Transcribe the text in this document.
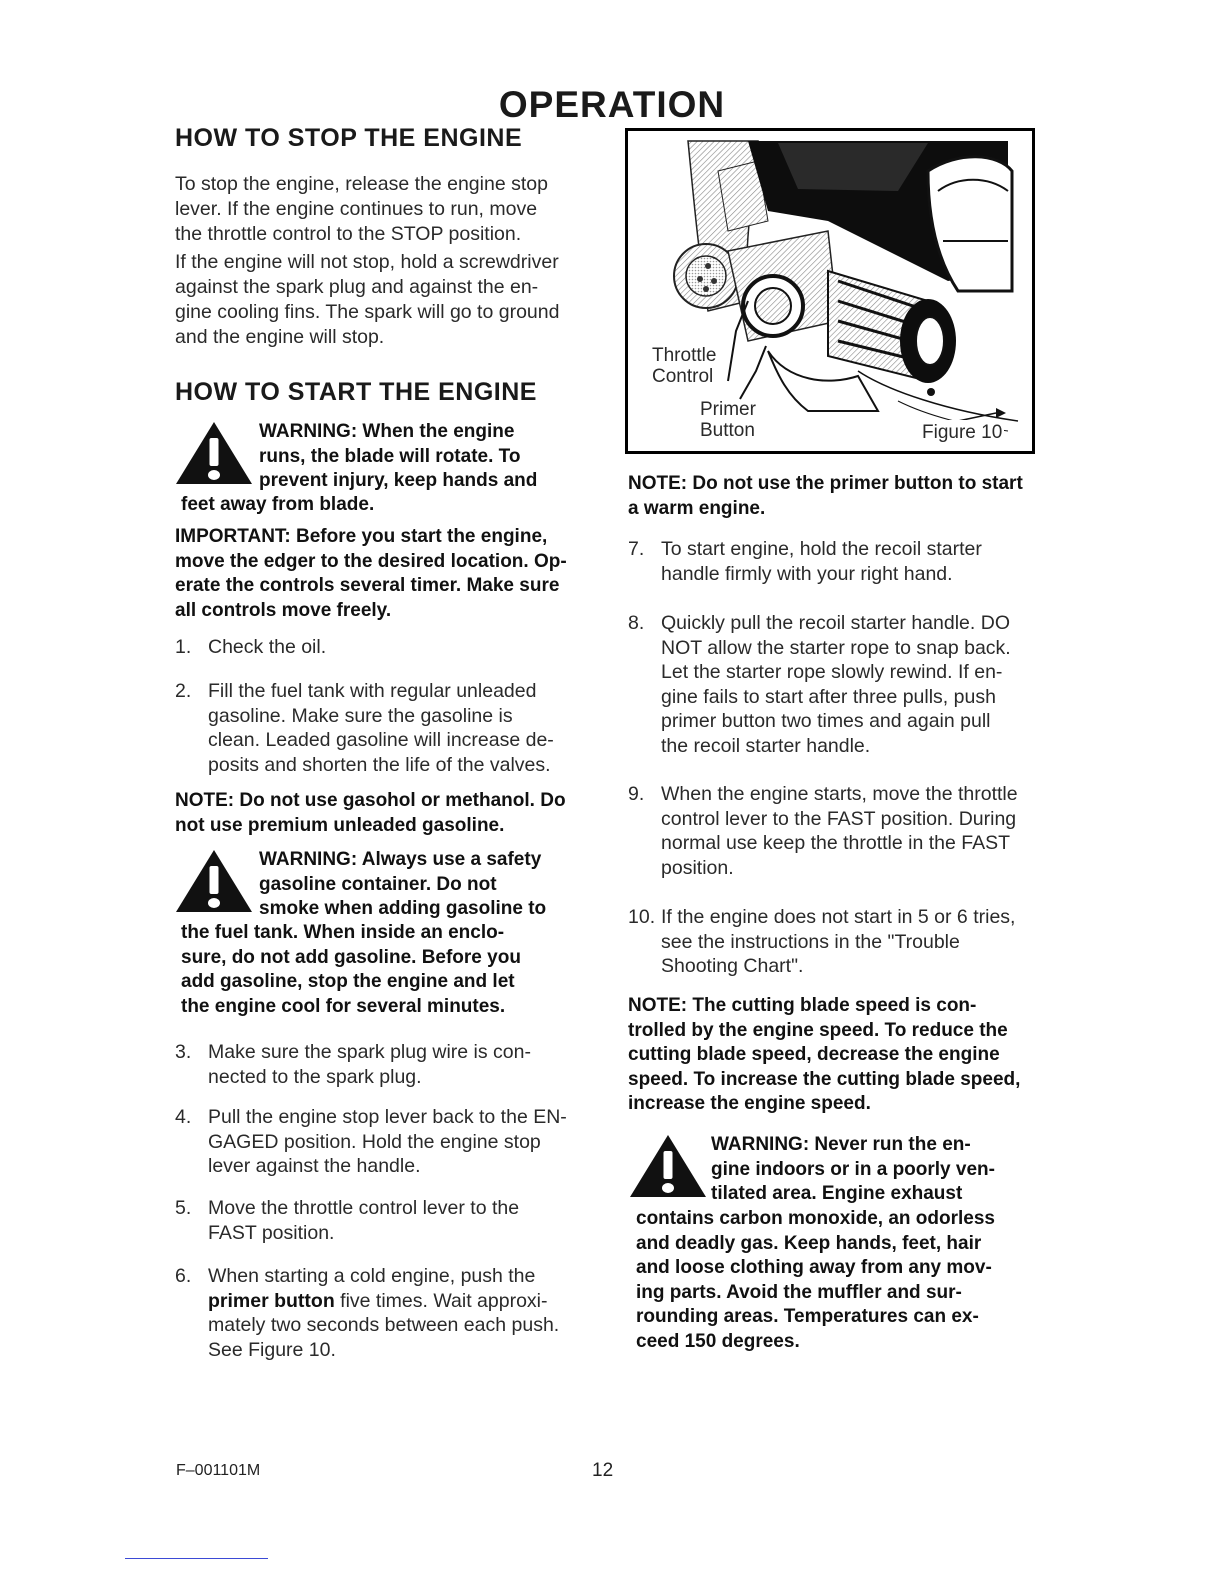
OPERATION
HOW TO STOP THE ENGINE

To stop the engine, release the engine stop

lever. If the engine continues to run, move

the throttle control to the STOP position.

If the engine will not stop, hold a screwdriver

against the spark plug and against the en-

gine cooling fins. The spark will go to ground

and the engine will stop.

HOW TO START THE ENGINE
WARNING: When the engine
runs, the blade will rotate. To
prevent injury, keep hands and
feet away from blade.
IMPORTANT: Before you start the engine,
move the edger to the desired location. Op-
erate the controls several timer. Make sure
all controls move freely.
1. Check the oil.
2. Fill the fuel tank with regular unleaded
gasoline. Make sure the gasoline is
clean. Leaded gasoline will increase de-
posits and shorten the life of the valves.
NOTE: Do not use gasohol or methanol. Do
not use premium unleaded gasoline.
WARNING: Always use a safety
gasoline container. Do not
smoke when adding gasoline to
the fuel tank. When inside an enclo-
sure, do not add gasoline. Before you
add gasoline, stop the engine and let
the engine cool for several minutes.
3. Make sure the spark plug wire is con-
nected to the spark plug.
4. Pull the engine stop lever back to the EN-
GAGED position. Hold the engine stop
lever against the handle.
5. Move the throttle control lever to the
FAST position.
6. When starting a cold engine, push the
primer button five times. Wait approxi-
mately two seconds between each push.
See Figure 10.
Throttle
Control
Primer
Button	Figure 10
NOTE: Do not use the primer button to start
a warm engine.
7. To start engine, hold the recoil starter
handle firmly with your right hand.
8. Quickly pull the recoil starter handle. DO
NOT allow the starter rope to snap back.
Let the starter rope slowly rewind. If en-
gine fails to start after three pulls, push
primer button two times and again pull
the recoil starter handle.
9. When the engine starts, move the throttle
control lever to the FAST position. During
normal use keep the throttle in the FAST
position.
10. If the engine does not start in 5 or 6 tries,
see the instructions in the "Trouble
Shooting Chart".
NOTE: The cutting blade speed is con-
trolled by the engine speed. To reduce the
cutting blade speed, decrease the engine
speed. To increase the cutting blade speed,
increase the engine speed.
WARNING: Never run the en-
gine indoors or in a poorly ven-
tilated area. Engine exhaust
contains carbon monoxide, an odorless
and deadly gas. Keep hands, feet, hair
and loose clothing away from any mov-
ing parts. Avoid the muffler and sur-
rounding areas. Temperatures can ex-
ceed 150 degrees.
F–001101M	12
